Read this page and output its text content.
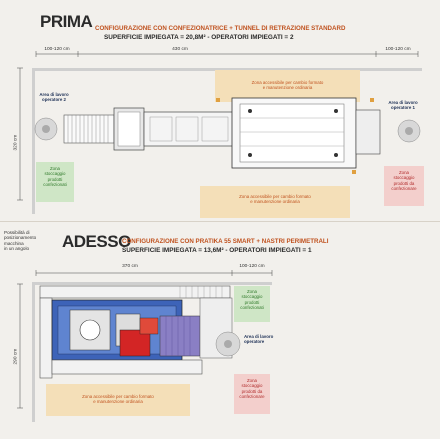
PRIMA CONFIGURAZIONE CON CONFEZIONATRICE + TUNNEL DI RETRAZIONE STANDARD
SUPERFICIE IMPIEGATA = 20,8M² - OPERATORI IMPIEGATI = 2
100-120 cm	430 cm	100-120 cm
320 cm
Zona accessibile per cambio formato
e manutenzione ordinaria
Zona accessibile per cambio formato
e manutenzione ordinaria
Area di lavoro
operatore 2
Area di lavoro
operatore 1
Zona
stoccaggio
prodotti
confezionati
Zona
stoccaggio
prodotti da
confezionare
Possibilità di
posizionamento
macchina
in un angolo	ADESSO
CONFIGURAZIONE CON PRATIKA 55 SMART + NASTRI PERIMETRALI
SUPERFICIE IMPIEGATA = 13,6M² - OPERATORI IMPIEGATI = 1
370 cm	100-120 cm
290 cm
Zona accessibile per cambio formato
e manutenzione ordinaria
Zona
stoccaggio
prodotti
confezionati
Area di lavoro
operatore
Zona
stoccaggio
prodotti da
confezionare
